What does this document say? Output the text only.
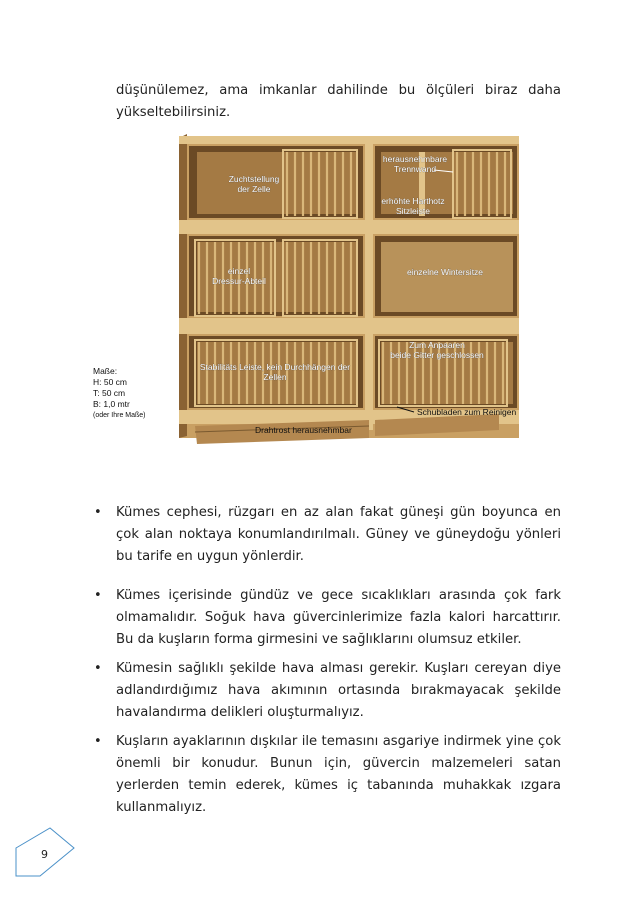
düşünülemez, ama imkanlar dahilinde bu ölçüleri biraz daha yükseltebilirsiniz.

Zuchtstellung
der Zelle
herausnehmbare
Trennwand
erhöhte Harthotz
Sitzleiste
einzel
Dressur-Abteil
einzelne Wintersitze
Zum Anpaaren
beide Gitter geschlossen
Stabilitäts Leiste, kein Durchhängen der
Zellen
Drahtrost herausnehmbar
Schubladen zum Reinigen
Maße:
H: 50 cm
T: 50 cm
B: 1,0 mtr
(oder Ihre Maße)
• Kümes cephesi, rüzgarı en az alan fakat güneşi gün boyunca en çok alan noktaya konumlandırılmalı. Güney ve güneydoğu yönleri bu tarife en uygun yönlerdir.

• Kümes içerisinde gündüz ve gece sıcaklıkları arasında çok fark olmamalıdır. Soğuk hava güvercinlerimize fazla kalori harcattırır. Bu da kuşların forma girmesini ve sağlıklarını olumsuz etkiler.

• Kümesin sağlıklı şekilde hava alması gerekir. Kuşları cereyan diye adlandırdığımız hava akımının ortasında bırakmayacak şekilde havalandırma delikleri oluşturmalıyız.

• Kuşların ayaklarının dışkılar ile temasını asgariye indirmek yine çok önemli bir konudur. Bunun için, güvercin malzemeleri satan yerlerden temin ederek, kümes iç tabanında muhakkak ızgara kullanmalıyız.

9
